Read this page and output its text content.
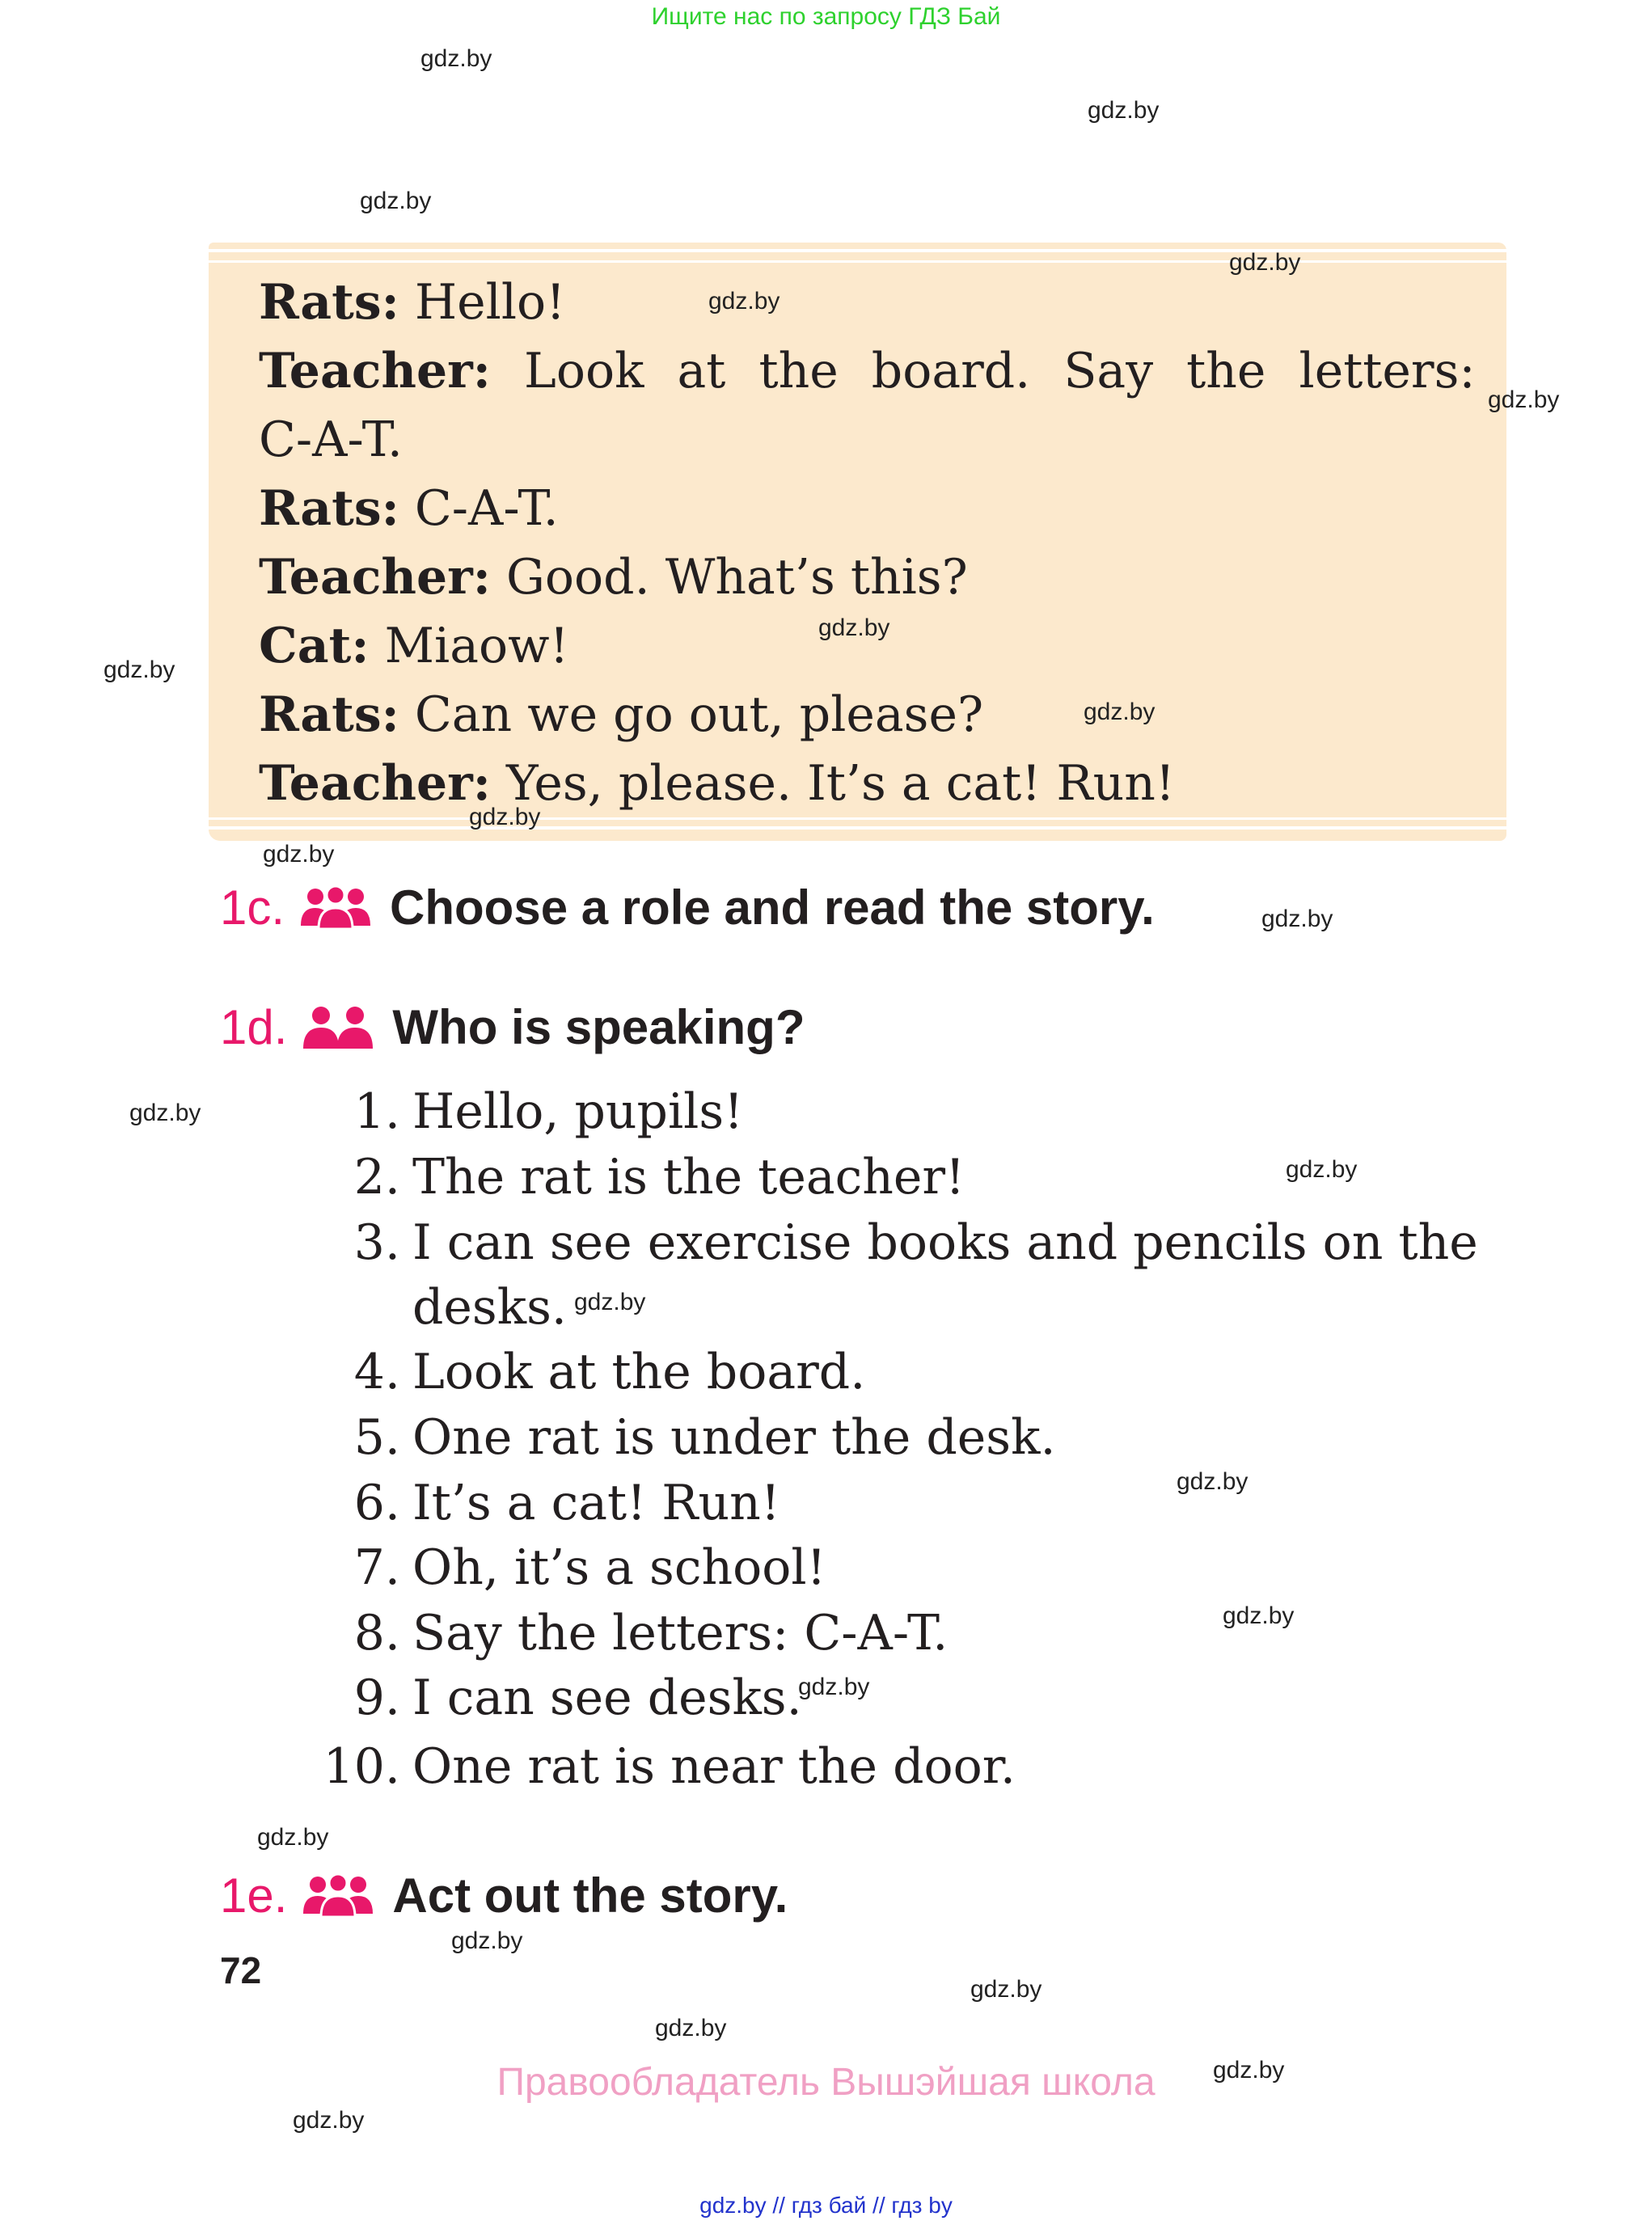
Ищите нас по запросу ГДЗ Бай
Rats: Hello!
Teacher: Look at the board. Say the letters:
C-A-T.
Rats: C-A-T.
Teacher: Good. What’s this?
Cat: Miaow!
Rats: Can we go out, please?
Teacher: Yes, please. It’s a cat! Run!
1c. Choose a role and read the story.
1d. Who is speaking?
1. Hello, pupils!
2. The rat is the teacher!
3. I can see exercise books and pencils on the
desks.
4. Look at the board.
5. One rat is under the desk.
6. It’s a cat! Run!
7. Oh, it’s a school!
8. Say the letters: C-A-T.
9. I can see desks.
10. One rat is near the door.
1e. Act out the story.
72
Правообладатель Вышэйшая школа
gdz.by // гдз бай // гдз by
gdz.by
gdz.by
gdz.by
gdz.by
gdz.by
gdz.by
gdz.by
gdz.by
gdz.by
gdz.by
gdz.by
gdz.by
gdz.by
gdz.by
gdz.by
gdz.by
gdz.by
gdz.by
gdz.by
gdz.by
gdz.by
gdz.by
gdz.by
gdz.by
